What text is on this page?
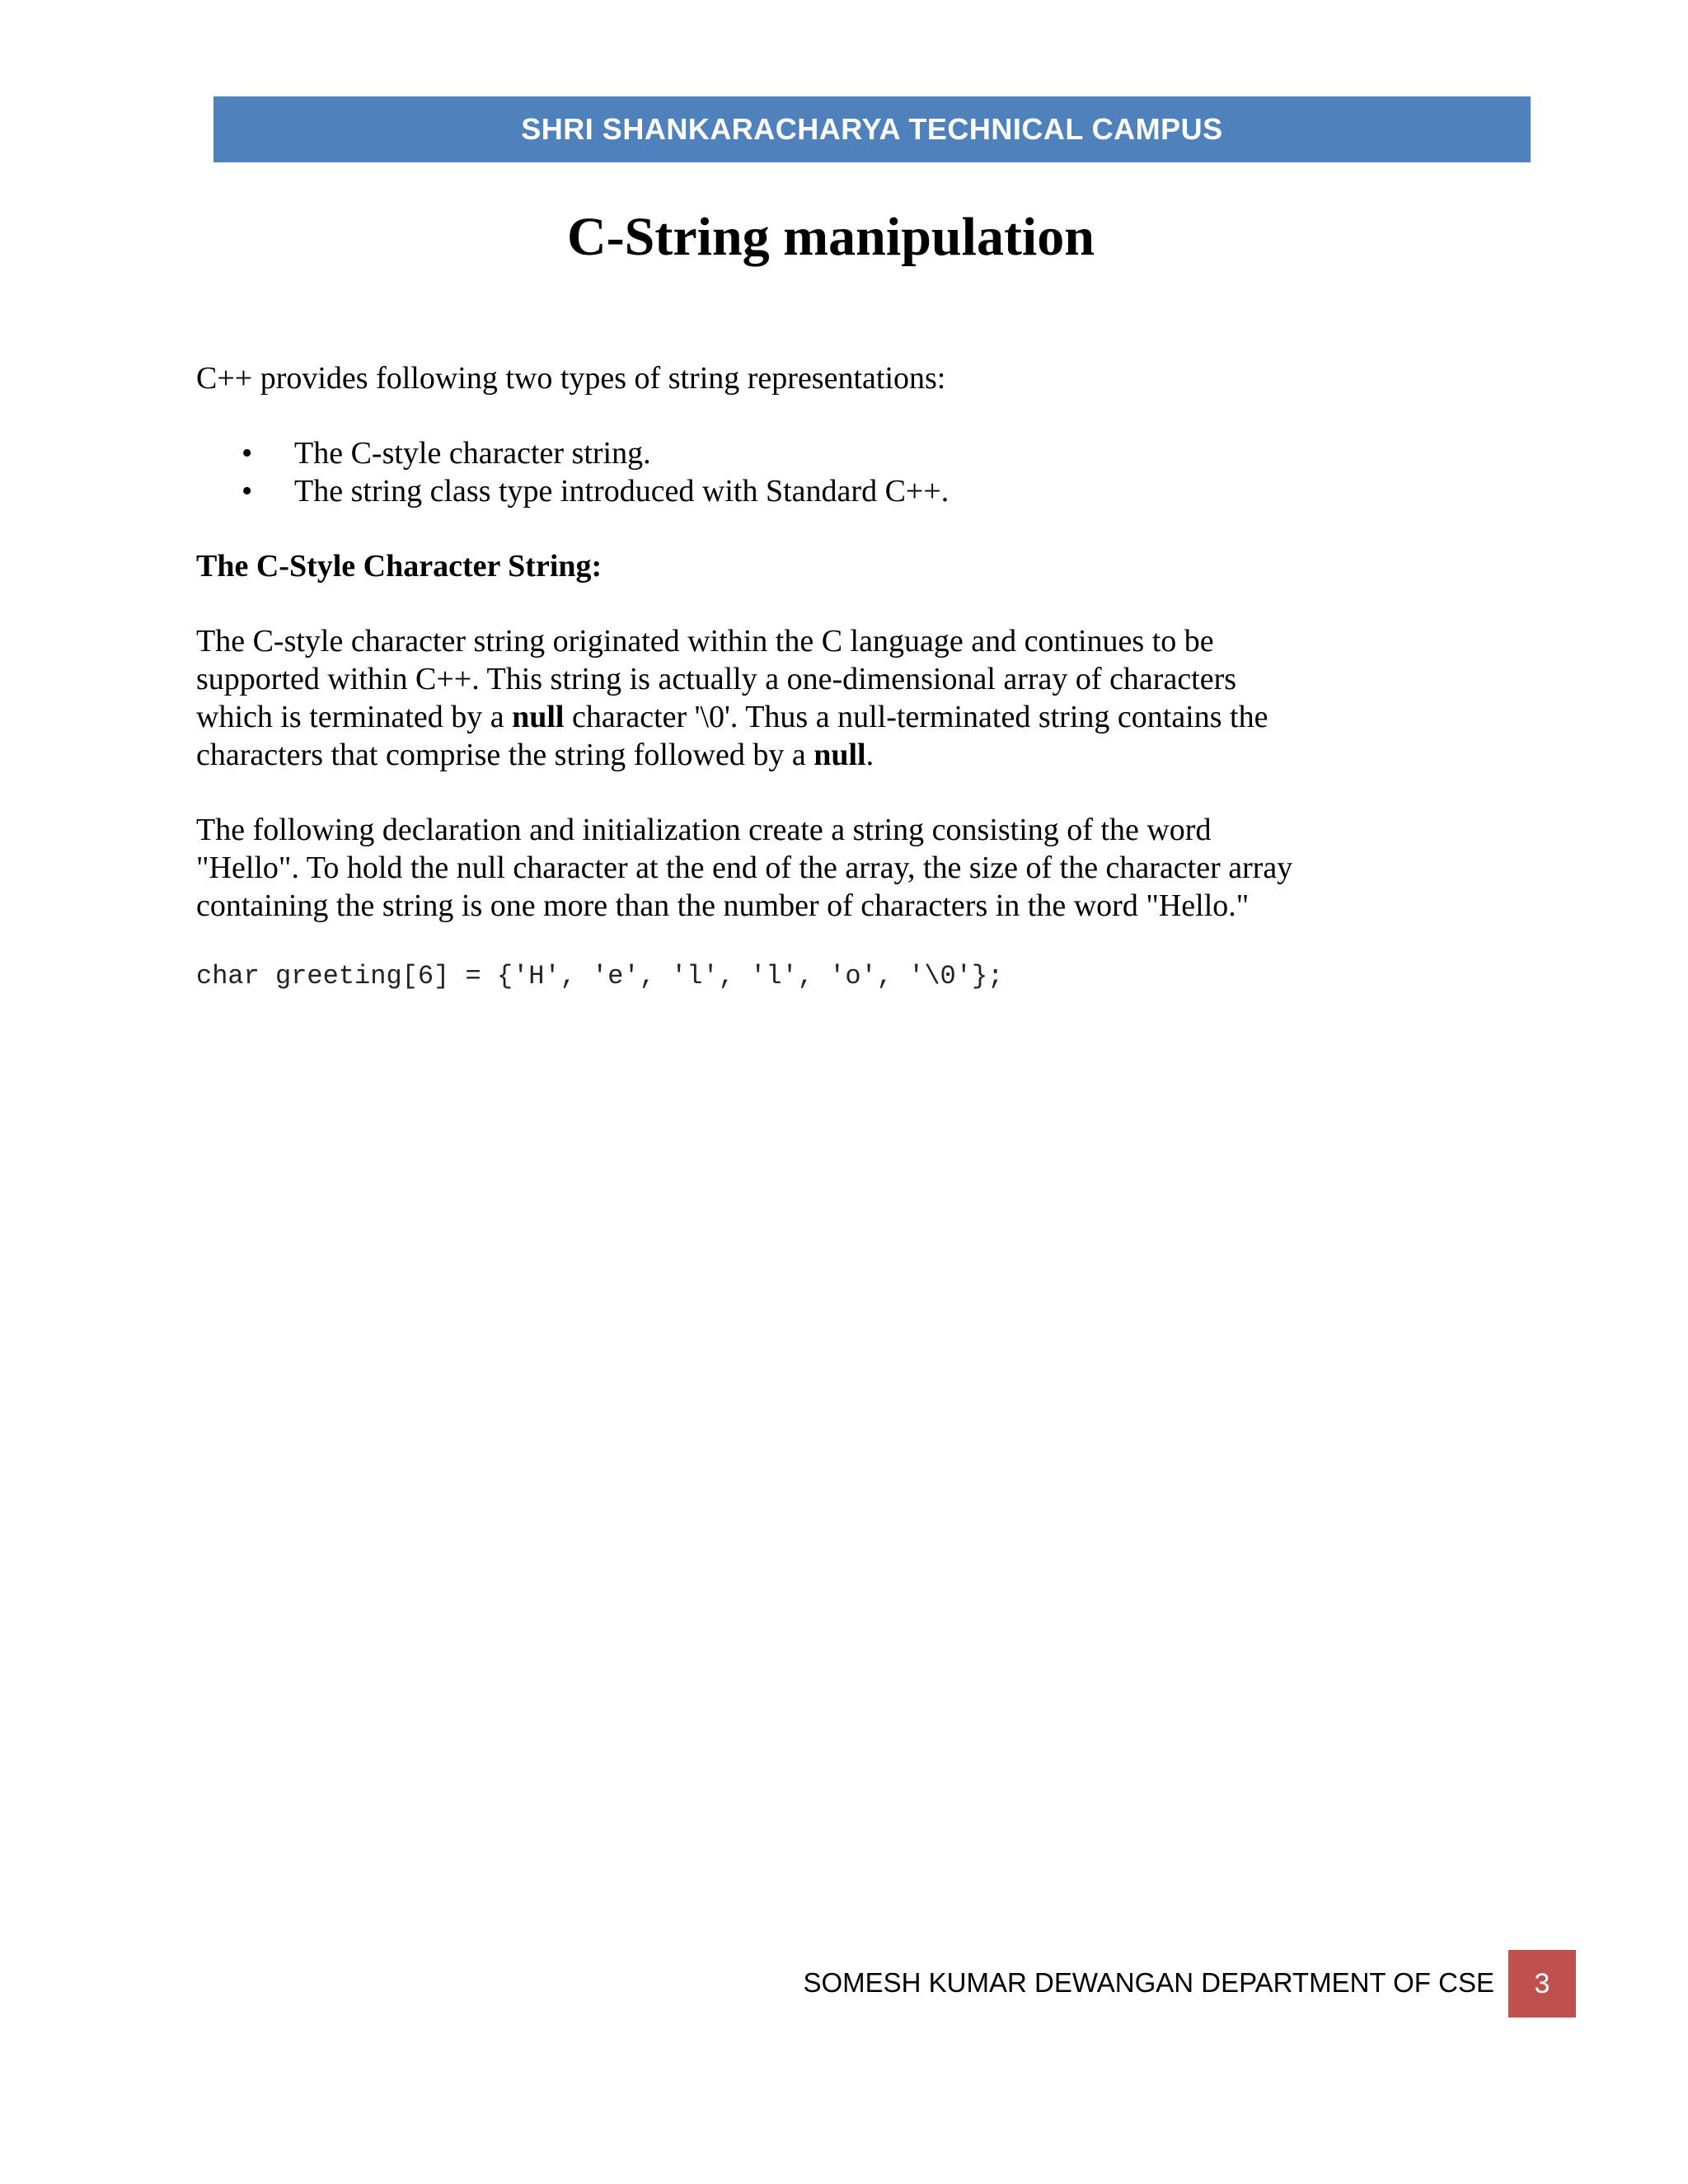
SHRI SHANKARACHARYA TECHNICAL CAMPUS
C-String manipulation

C++ provides following two types of string representations:

• The C-style character string.
• The string class type introduced with Standard C++.

The C-Style Character String:

The C-style character string originated within the C language and continues to be
supported within C++. This string is actually a one-dimensional array of characters
which is terminated by a null character '\0'. Thus a null-terminated string contains the
characters that comprise the string followed by a null.

The following declaration and initialization create a string consisting of the word
"Hello". To hold the null character at the end of the array, the size of the character array
containing the string is one more than the number of characters in the word "Hello."

char greeting[6] = {'H', 'e', 'l', 'l', 'o', '\0'};

SOMESH KUMAR DEWANGAN DEPARTMENT OF CSE	3
